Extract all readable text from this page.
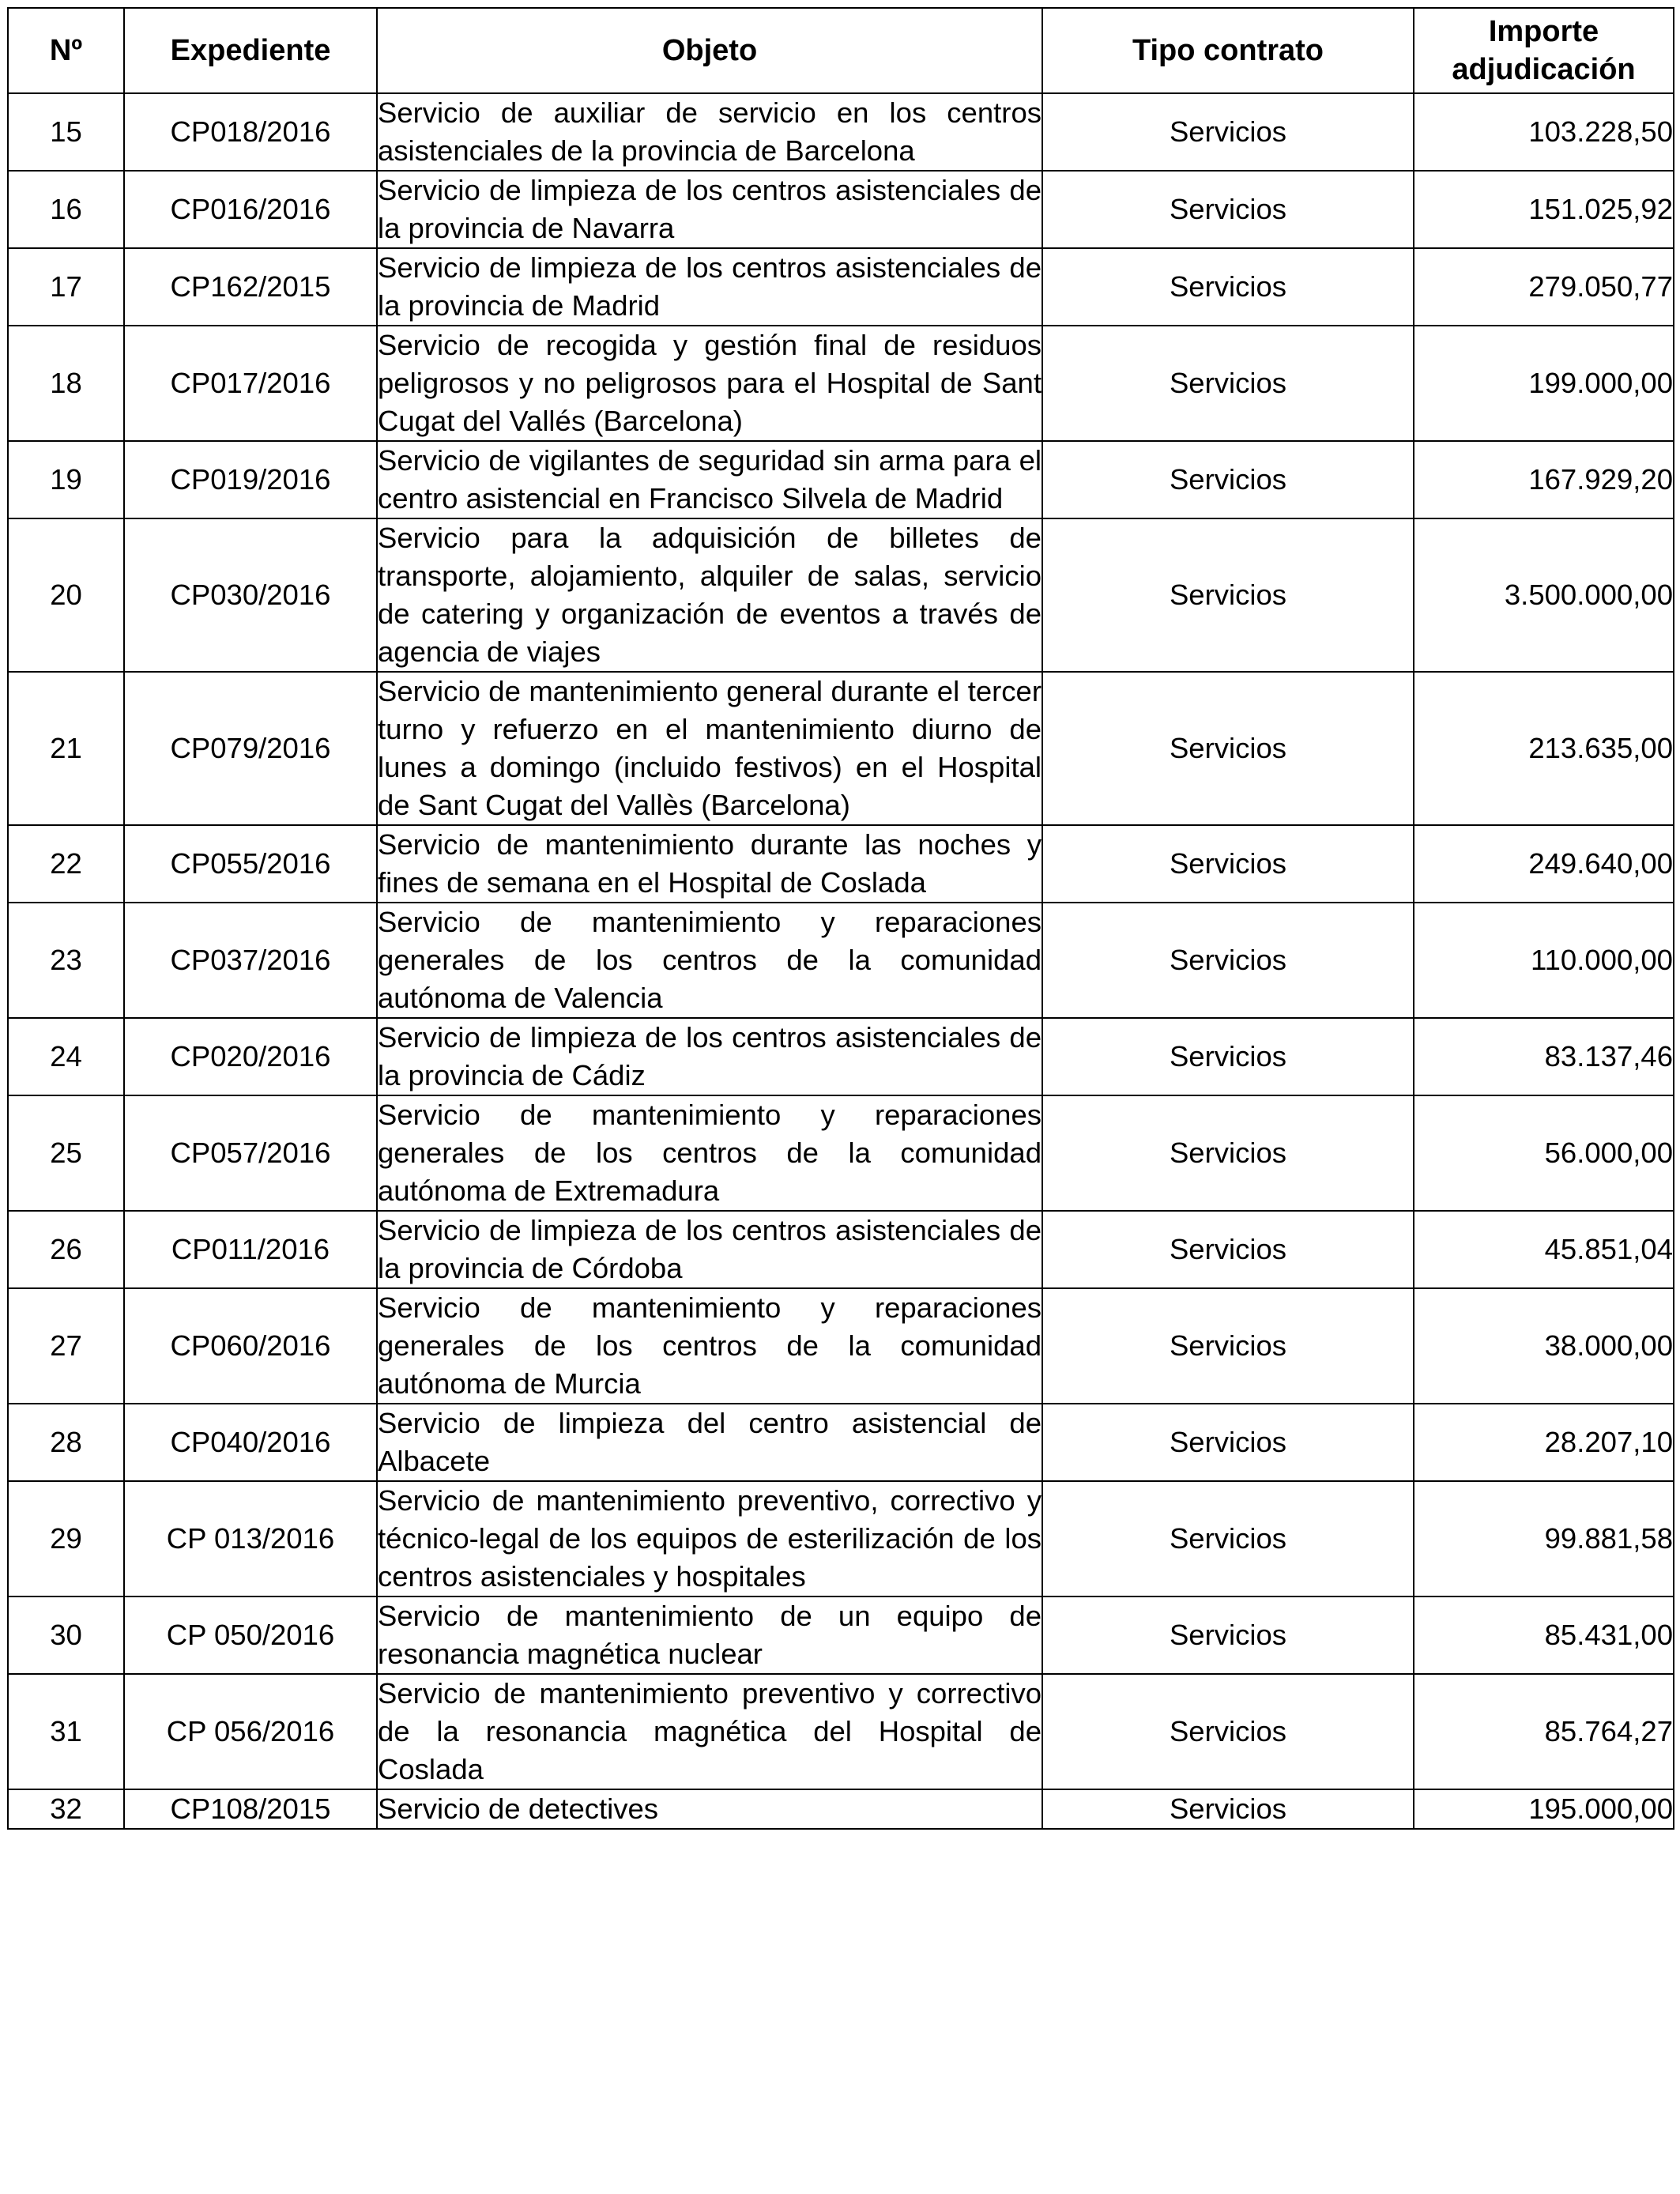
Nº	Expediente	Objeto	Tipo contrato	Importe
adjudicación
15	CP018/2016	Servicio de auxiliar de servicio en los centros asistenciales de la provincia de Barcelona	Servicios	103.228,50
16	CP016/2016	Servicio de limpieza de los centros asistenciales de la provincia de Navarra	Servicios	151.025,92
17	CP162/2015	Servicio de limpieza de los centros asistenciales de la provincia de Madrid	Servicios	279.050,77
18	CP017/2016	Servicio de recogida y gestión final de residuos peligrosos y no peligrosos para el Hospital de Sant Cugat del Vallés (Barcelona)	Servicios	199.000,00
19	CP019/2016	Servicio de vigilantes de seguridad sin arma para el centro asistencial en Francisco Silvela de Madrid	Servicios	167.929,20
20	CP030/2016	Servicio para la adquisición de billetes de transporte, alojamiento, alquiler de salas, servicio de catering y organización de eventos a través de agencia de viajes	Servicios	3.500.000,00
21	CP079/2016	Servicio de mantenimiento general durante el tercer turno y refuerzo en el mantenimiento diurno de lunes a domingo (incluido festivos) en el Hospital de Sant Cugat del Vallès (Barcelona)	Servicios	213.635,00
22	CP055/2016	Servicio de mantenimiento durante las noches y fines de semana en el Hospital de Coslada	Servicios	249.640,00
23	CP037/2016	Servicio de mantenimiento y reparaciones generales de los centros de la comunidad autónoma de Valencia	Servicios	110.000,00
24	CP020/2016	Servicio de limpieza de los centros asistenciales de la provincia de Cádiz	Servicios	83.137,46
25	CP057/2016	Servicio de mantenimiento y reparaciones generales de los centros de la comunidad autónoma de Extremadura	Servicios	56.000,00
26	CP011/2016	Servicio de limpieza de los centros asistenciales de la provincia de Córdoba	Servicios	45.851,04
27	CP060/2016	Servicio de mantenimiento y reparaciones generales de los centros de la comunidad autónoma de Murcia	Servicios	38.000,00
28	CP040/2016	Servicio de limpieza del centro asistencial de Albacete	Servicios	28.207,10
29	CP 013/2016	Servicio de mantenimiento preventivo, correctivo y técnico-legal de los equipos de esterilización de los centros asistenciales y hospitales	Servicios	99.881,58
30	CP 050/2016	Servicio de mantenimiento de un equipo de resonancia magnética nuclear	Servicios	85.431,00
31	CP 056/2016	Servicio de mantenimiento preventivo y correctivo de la resonancia magnética del Hospital de Coslada	Servicios	85.764,27
32	CP108/2015	Servicio de detectives	Servicios	195.000,00
